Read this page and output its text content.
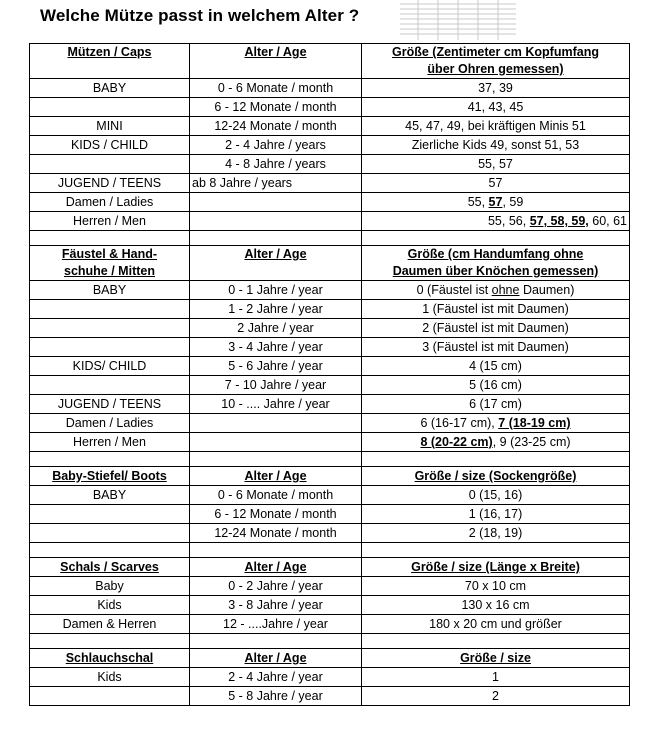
Welche Mütze passt in welchem Alter ?
Mützen / Caps	Alter / Age	Größe (Zentimeter cm Kopfumfang
über Ohren gemessen)
BABY	0 - 6 Monate / month	37, 39
	6 - 12 Monate / month	41, 43, 45
MINI	12-24 Monate / month	45, 47, 49, bei kräftigen Minis 51
KIDS / CHILD	2 - 4 Jahre / years	Zierliche Kids 49, sonst 51, 53
	4 - 8 Jahre / years	55, 57
JUGEND / TEENS	ab 8 Jahre / years	57
Damen / Ladies		55, 57, 59
Herren / Men		55, 56, 57, 58, 59, 60, 61

Fäustel & Hand-
schuhe / Mitten	Alter / Age	Größe (cm Handumfang ohne
Daumen über Knöchen gemessen)
BABY	0 - 1 Jahre / year	0 (Fäustel ist ohne Daumen)
	1 - 2 Jahre / year	1 (Fäustel ist mit Daumen)
	2 Jahre / year	2 (Fäustel ist mit Daumen)
	3 - 4 Jahre / year	3 (Fäustel ist mit Daumen)
KIDS/ CHILD	5 - 6 Jahre / year	4 (15 cm)
	7 - 10 Jahre / year	5 (16 cm)
JUGEND / TEENS	10 - .... Jahre / year	6 (17 cm)
Damen / Ladies		6 (16-17 cm), 7 (18-19 cm)
Herren / Men		8 (20-22 cm), 9 (23-25 cm)

Baby-Stiefel/ Boots	Alter / Age	Größe / size (Sockengröße)
BABY	0 - 6 Monate / month	0 (15, 16)
	6 - 12 Monate / month	1 (16, 17)
	12-24 Monate / month	2 (18, 19)

Schals / Scarves	Alter / Age	Größe / size (Länge x Breite)
Baby	0 - 2 Jahre / year	70 x 10 cm
Kids	3 - 8 Jahre / year	130 x 16 cm
Damen & Herren	12 - ....Jahre / year	180 x 20 cm und größer

Schlauchschal	Alter / Age	Größe / size
Kids	2 - 4 Jahre / year	1
	5 - 8 Jahre / year	2
